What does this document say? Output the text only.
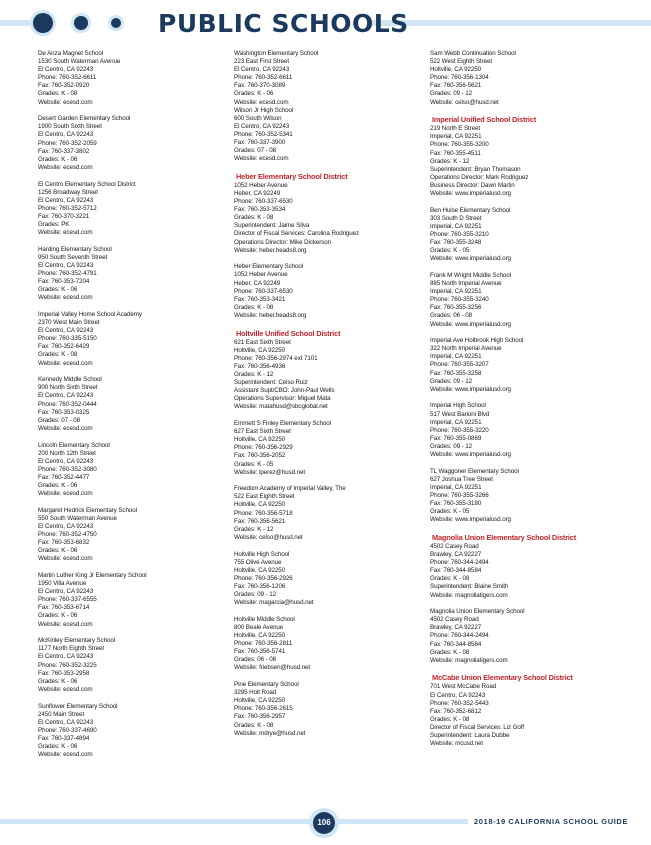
PUBLIC SCHOOLS
De Anza Magnet School
1530 South Waterman Avenue
El Centro, CA 92243
Phone: 760-352-6611
Fax: 760-352-0920
Grades: K - 08
Website: ecesd.com
Desert Garden Elementary School
1900 South Sixth Street
El Centro, CA 92243
Phone: 760-352-2059
Fax: 760-337-3802
Grades: K - 06
Website: ecesd.com
El Centro Elementary School District
1256 Broadway Street
El Centro, CA 92243
Phone: 760-352-5712
Fax: 760-370-3221
Grades: PK
Website: ecesd.com
Harding Elementary School
950 South Seventh Street
El Centro, CA 92243
Phone: 760-352-4791
Fax: 760-353-7204
Grades: K - 06
Website: ecesd.com
Imperial Valley Home School Academy
2370 West Main Street
El Centro, CA 92243
Phone: 760-335-5150
Fax: 760-352-6429
Grades: K - 08
Website: ecesd.com
Kennedy Middle School
900 North Sixth Street
El Centro, CA 92243
Phone: 760-352-0444
Fax: 760-353-0325
Grades: 07 - 08
Website: ecesd.com
Lincoln Elementary School
200 North 12th Street
El Centro, CA 92243
Phone: 760-352-3080
Fax: 760-352-4477
Grades: K - 06
Website: ecesd.com
Margaret Hedrick Elementary School
550 South Waterman Avenue
El Centro, CA 92243
Phone: 760-352-4750
Fax: 760-353-6832
Grades: K - 06
Website: ecesd.com
Martin Luther King Jr Elementary School
1950 Villa Avenue
El Centro, CA 92243
Phone: 760-337-6555
Fax: 760-353-6714
Grades: K - 06
Website: ecesd.com
McKinley Elementary School
1177 North Eighth Street
El Centro, CA 92243
Phone: 760-352-3225
Fax: 760-353-2958
Grades: K - 06
Website: ecesd.com
Sunflower Elementary School
2450 Main Street
El Centro, CA 92243
Phone: 760-337-4690
Fax: 760-337-4894
Grades: K - 06
Website: ecesd.com
Washington Elementary School
223 East First Street
El Centro, CA 92243
Phone: 760-352-6611
Fax: 760-370-3089
Grades: K - 06
Website: ecesd.com
Wilson Jr High School
600 South Wilson
El Centro, CA 92243
Phone: 760-352-5341
Fax: 760-337-3900
Grades: 07 - 08
Website: ecesd.com
Heber Elementary School District
1052 Heber Avenue
Heber, CA 92249
Phone: 760-337-6530
Fax: 760-353-3534
Grades: K - 08
Superintendent: Jaime Silva
Director of Fiscal Services: Carolina Rodriguez
Operations Director: Mike Dickerson
Website: heber.heads8.org
Heber Elementary School
1052 Heber Avenue
Heber, CA 92249
Phone: 760-337-6530
Fax: 760-353-3421
Grades: K - 08
Website: heber.heads8.org
Holtville Unified School District
621 East Sixth Street
Holtville, CA 92250
Phone: 760-356-2974 ext 7101
Fax: 760-356-4936
Grades: K - 12
Superintendent: Celso Ruiz
Assistant Supt/CBO: John-Paul Wells
Operations Supervisor: Miguel Mata
Website: matahusd@sbcglobal.net
Emmett S Finley Elementary School
627 East Sixth Street
Holtville, CA 92250
Phone: 760-356-2929
Fax: 760-356-2052
Grades: K - 05
Website: lperez@husd.net
Freedom Academy of Imperial Valley, The
522 East Eighth Street
Holtville, CA 92250
Phone: 760-356-5718
Fax: 760-356-5621
Grades: K - 12
Website: celso@husd.net
Holtville High School
755 Olive Avenue
Holtville, CA 92250
Phone: 760-356-2926
Fax: 760-356-1206
Grades: 09 - 12
Website: magarcia@husd.net
Holtville Middle School
800 Beale Avenue
Holtville, CA 92250
Phone: 760-356-2811
Fax: 760-356-5741
Grades: 06 - 08
Website: friebsen@husd.net
Pine Elementary School
3295 Holt Road
Holtville, CA 92250
Phone: 760-356-2615
Fax: 760-356-2957
Grades: K - 08
Website: mdrye@husd.net
Sam Webb Continuation School
522 West Eighth Street
Holtville, CA 92250
Phone: 760-356-1304
Fax: 760-356-5621
Grades: 09 - 12
Website: celso@husd.net
Imperial Unified School District
219 North E Street
Imperial, CA 92251
Phone: 760-355-3200
Fax: 760-355-4511
Grades: K - 12
Superintendent: Bryan Thomason
Operations Director: Mark Rodriguez
Business Director: Dawn Martin
Website: www.imperialusd.org
Ben Hulse Elementary School
303 South D Street
Imperial, CA 92251
Phone: 760-355-3210
Fax: 760-355-3248
Grades: K - 05
Website: www.imperialusd.org
Frank M Wright Middle School
885 North Imperial Avenue
Imperial, CA 92251
Phone: 760-355-3240
Fax: 760-355-3256
Grades: 06 - 08
Website: www.imperialusd.org
Imperial Ave Holbrook High School
322 North Imperial Avenue
Imperial, CA 92251
Phone: 760-355-3207
Fax: 760-355-3258
Grades: 09 - 12
Website: www.imperialusd.org
Imperial High School
517 West Barioni Blvd
Imperial, CA 92251
Phone: 760-355-3220
Fax: 760-355-0869
Grades: 09 - 12
Website: www.imperialusd.org
TL Waggoner Elementary School
627 Joshua Tree Street
Imperial, CA 92251
Phone: 760-355-3266
Fax: 760-355-3180
Grades: K - 05
Website: www.imperialusd.org
Magnolia Union Elementary School District
4502 Casey Road
Brawley, CA 92227
Phone: 760-344-2494
Fax: 760-344-8584
Grades: K - 08
Superintendent: Blaine Smith
Website: magnoliatigers.com
Magnolia Union Elementary School
4502 Casey Road
Brawley, CA 92227
Phone: 760-344-2494
Fax: 760-344-8584
Grades: K - 08
Website: magnoliatigers.com
McCabe Union Elementary School District
701 West McCabe Road
El Centro, CA 92243
Phone: 760-352-5443
Fax: 760-352-6812
Grades: K - 08
Director of Fiscal Services: Liz Goff
Superintendent: Laura Dubbe
Website: mcusd.net
106	2018-19 CALIFORNIA SCHOOL GUIDE
